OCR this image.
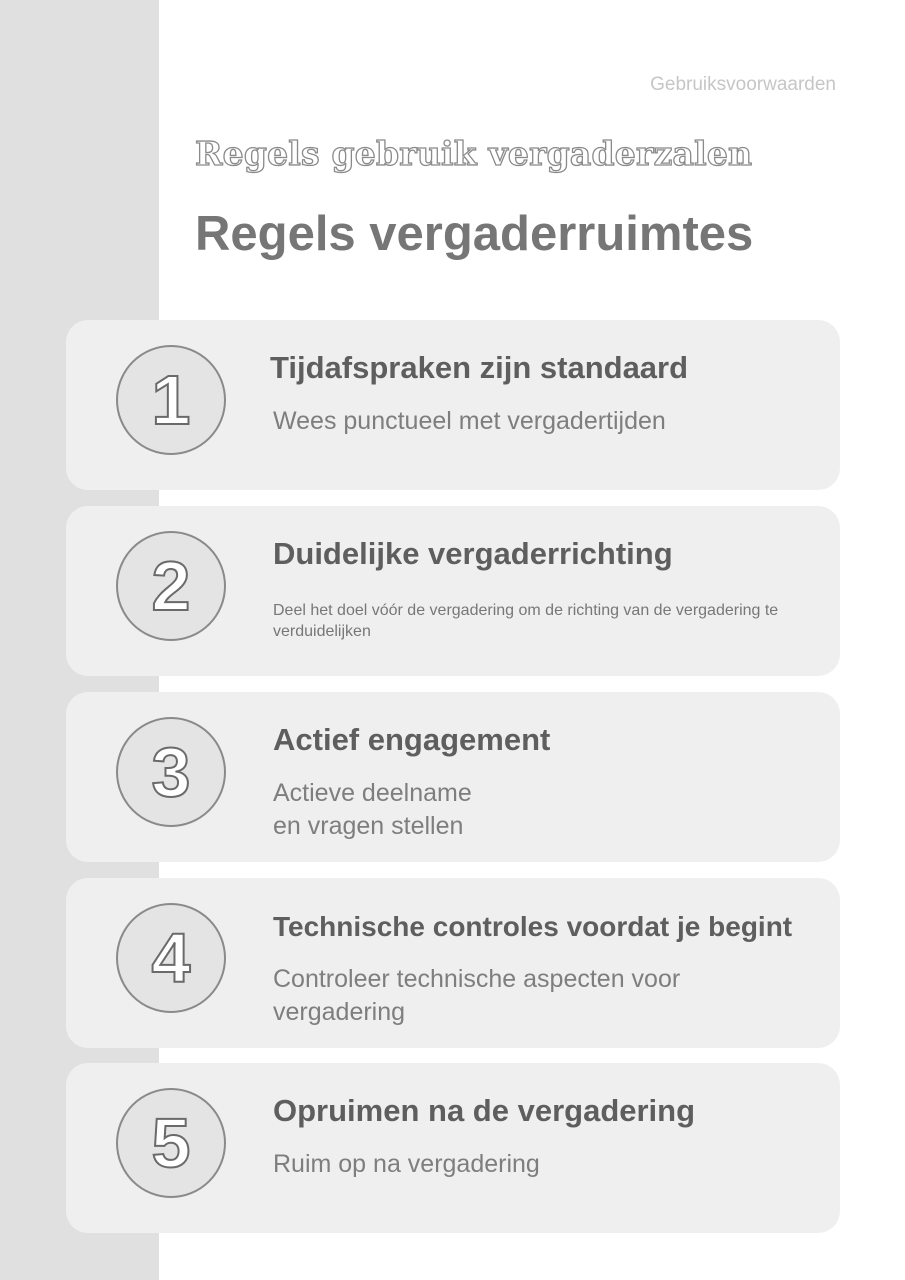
Gebruiksvoorwaarden
Regels gebruik vergaderzalen
Regels vergaderruimtes
1	Tijdafspraken zijn standaard
Wees punctueel met vergadertijden
2	Duidelijke vergaderrichting
Deel het doel vóór de vergadering om de richting van de vergadering te verduidelijken
3	Actief engagement
Actieve deelname
en vragen stellen
4	Technische controles voordat je begint
Controleer technische aspecten voor vergadering
5	Opruimen na de vergadering
Ruim op na vergadering
